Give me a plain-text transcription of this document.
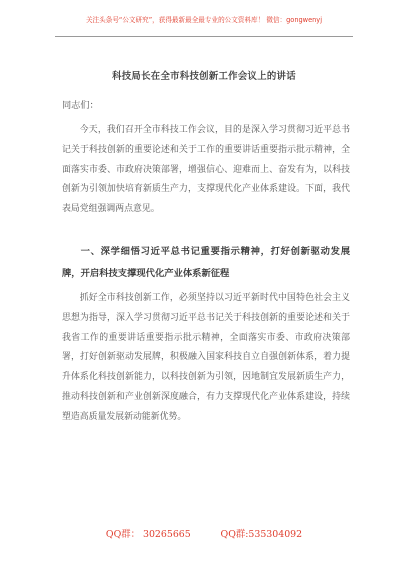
关注头条号“公文研究”，获得最新最全最专业的公文资料库！ 微信：gongwenyj
科技局长在全市科技创新工作会议上的讲话
同志们：
今天，我们召开全市科技工作会议，目的是深入学习贯彻习近平总书记关于科技创新的重要论述和关于工作的重要讲话重要指示批示精神，全面落实市委、市政府决策部署，增强信心、迎难而上、奋发有为，以科技创新为引领加快培育新质生产力，支撑现代化产业体系建设。下面，我代表局党组强调两点意见。
一、深学细悟习近平总书记重要指示精神，打好创新驱动发展牌，开启科技支撑现代化产业体系新征程
抓好全市科技创新工作，必须坚持以习近平新时代中国特色社会主义思想为指导，深入学习贯彻习近平总书记关于科技创新的重要论述和关于我省工作的重要讲话重要指示批示精神，全面落实市委、市政府决策部署，打好创新驱动发展牌，积极融入国家科技自立自强创新体系，着力提升体系化科技创新能力，以科技创新为引领，因地制宜发展新质生产力，推动科技创新和产业创新深度融合，有力支撑现代化产业体系建设，持续塑造高质量发展新动能新优势。
QQ群： 30265665          QQ群:535304092
